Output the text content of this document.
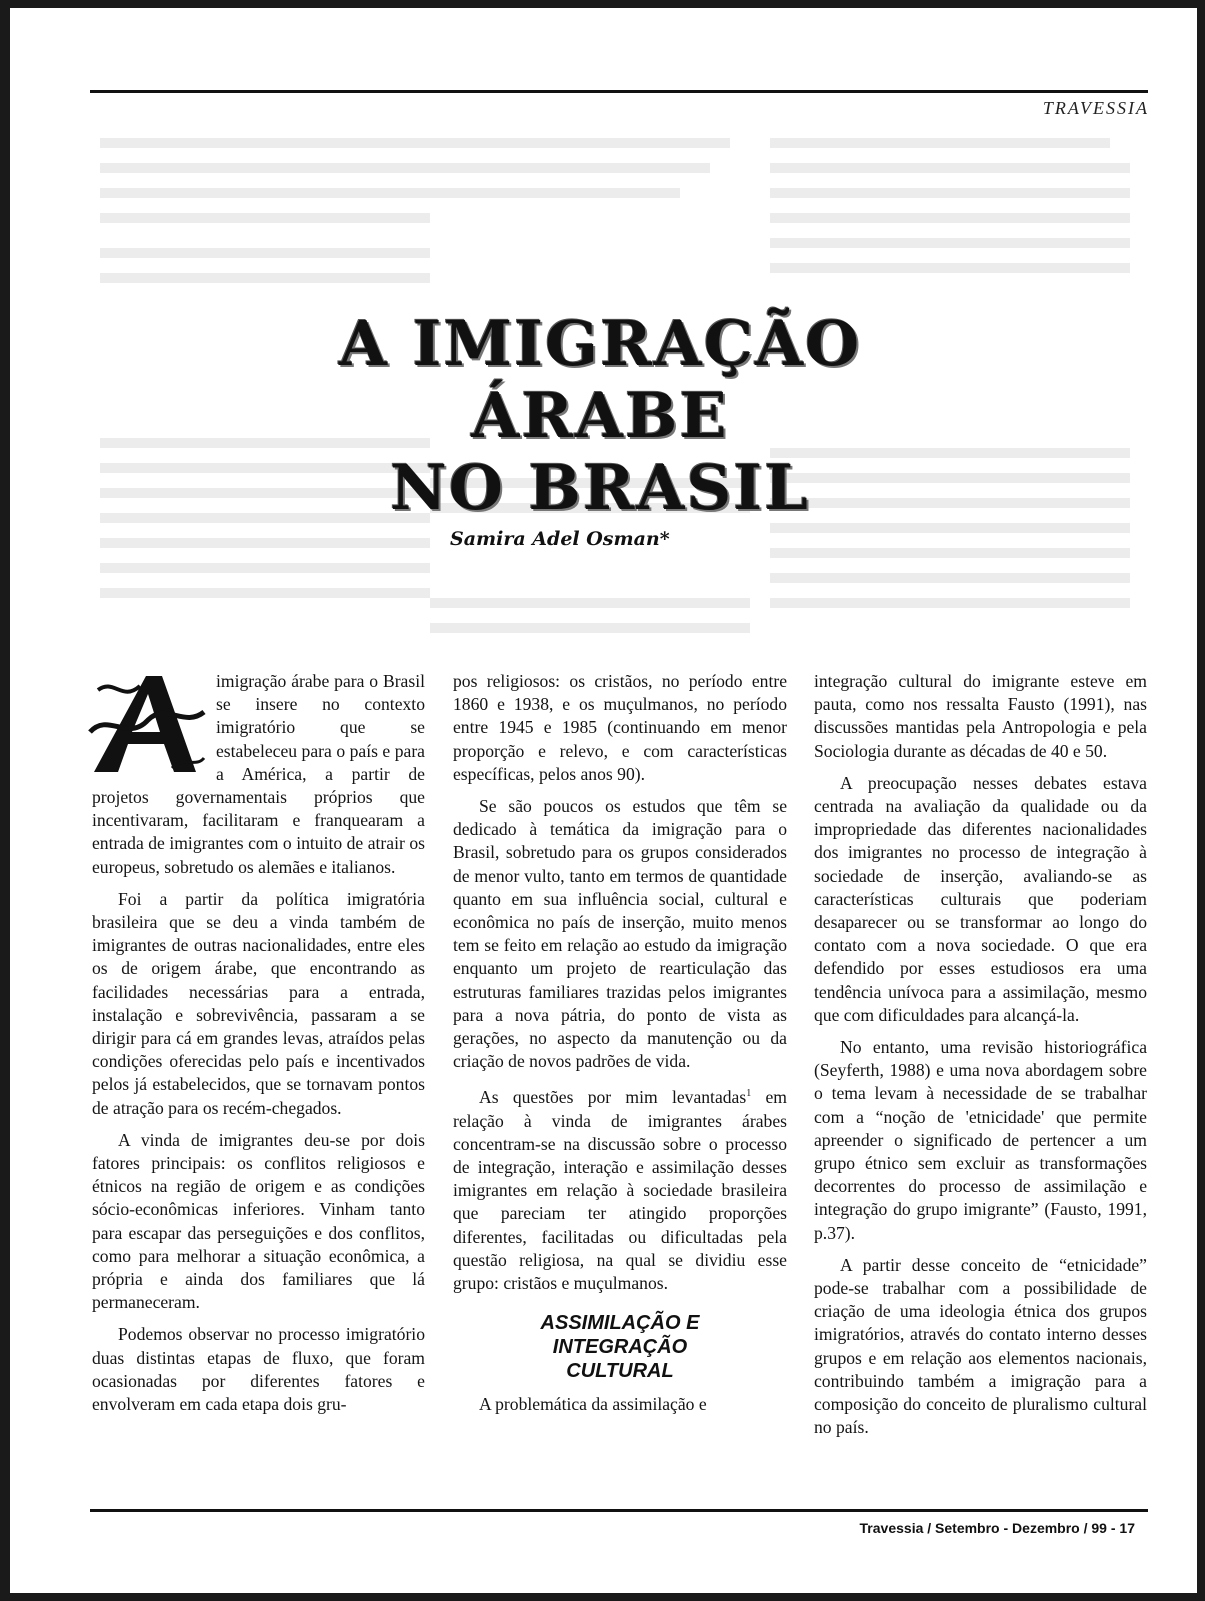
TRAVESSIA
A IMIGRAÇÃO ÁRABE
NO BRASIL
Samira Adel Osman*

A
imigração árabe para o Brasil se insere no contexto imigratório que se estabeleceu para o país e para a América, a partir de projetos governamentais próprios que incentivaram, facilitaram e franquearam a entrada de imigrantes com o intuito de atrair os europeus, sobretudo os alemães e italianos.

Foi a partir da política imigratória brasileira que se deu a vinda também de imigrantes de outras nacionalidades, entre eles os de origem árabe, que encontrando as facilidades necessárias para a entrada, instalação e sobrevivência, passaram a se dirigir para cá em grandes levas, atraídos pelas condições oferecidas pelo país e incentivados pelos já estabelecidos, que se tornavam pontos de atração para os recém-chegados.

A vinda de imigrantes deu-se por dois fatores principais: os conflitos religiosos e étnicos na região de origem e as condições sócio-econômicas inferiores. Vinham tanto para escapar das perseguições e dos conflitos, como para melhorar a situação econômica, a própria e ainda dos familiares que lá permaneceram.

Podemos observar no processo imigratório duas distintas etapas de fluxo, que foram ocasionadas por diferentes fatores e envolveram em cada etapa dois gru-

pos religiosos: os cristãos, no período entre 1860 e 1938, e os muçulmanos, no período entre 1945 e 1985 (continuando em menor proporção e relevo, e com características específicas, pelos anos 90).

Se são poucos os estudos que têm se dedicado à temática da imigração para o Brasil, sobretudo para os grupos considerados de menor vulto, tanto em termos de quantidade quanto em sua influência social, cultural e econômica no país de inserção, muito menos tem se feito em relação ao estudo da imigração enquanto um projeto de rearticulação das estruturas familiares trazidas pelos imigrantes para a nova pátria, do ponto de vista as gerações, no aspecto da manutenção ou da criação de novos padrões de vida.

As questões por mim levantadas$^1$ em relação à vinda de imigrantes árabes concentram-se na discussão sobre o processo de integração, interação e assimilação desses imigrantes em relação à sociedade brasileira que pareciam ter atingido proporções diferentes, facilitadas ou dificultadas pela questão religiosa, na qual se dividiu esse grupo: cristãos e muçulmanos.

ASSIMILAÇÃO E
INTEGRAÇÃO
CULTURAL

A problemática da assimilação e

integração cultural do imigrante esteve em pauta, como nos ressalta Fausto (1991), nas discussões mantidas pela Antropologia e pela Sociologia durante as décadas de 40 e 50.

A preocupação nesses debates estava centrada na avaliação da qualidade ou da impropriedade das diferentes nacionalidades dos imigrantes no processo de integração à sociedade de inserção, avaliando-se as características culturais que poderiam desaparecer ou se transformar ao longo do contato com a nova sociedade. O que era defendido por esses estudiosos era uma tendência unívoca para a assimilação, mesmo que com dificuldades para alcançá-la.

No entanto, uma revisão historiográfica (Seyferth, 1988) e uma nova abordagem sobre o tema levam à necessidade de se trabalhar com a “noção de 'etnicidade' que permite apreender o significado de pertencer a um grupo étnico sem excluir as transformações decorrentes do processo de assimilação e integração do grupo imigrante” (Fausto, 1991, p.37).

A partir desse conceito de “etnicidade” pode-se trabalhar com a possibilidade de criação de uma ideologia étnica dos grupos imigratórios, através do contato interno desses grupos e em relação aos elementos nacionais, contribuindo também a imigração para a composição do conceito de pluralismo cultural no país.

Travessia / Setembro - Dezembro / 99 - 17
